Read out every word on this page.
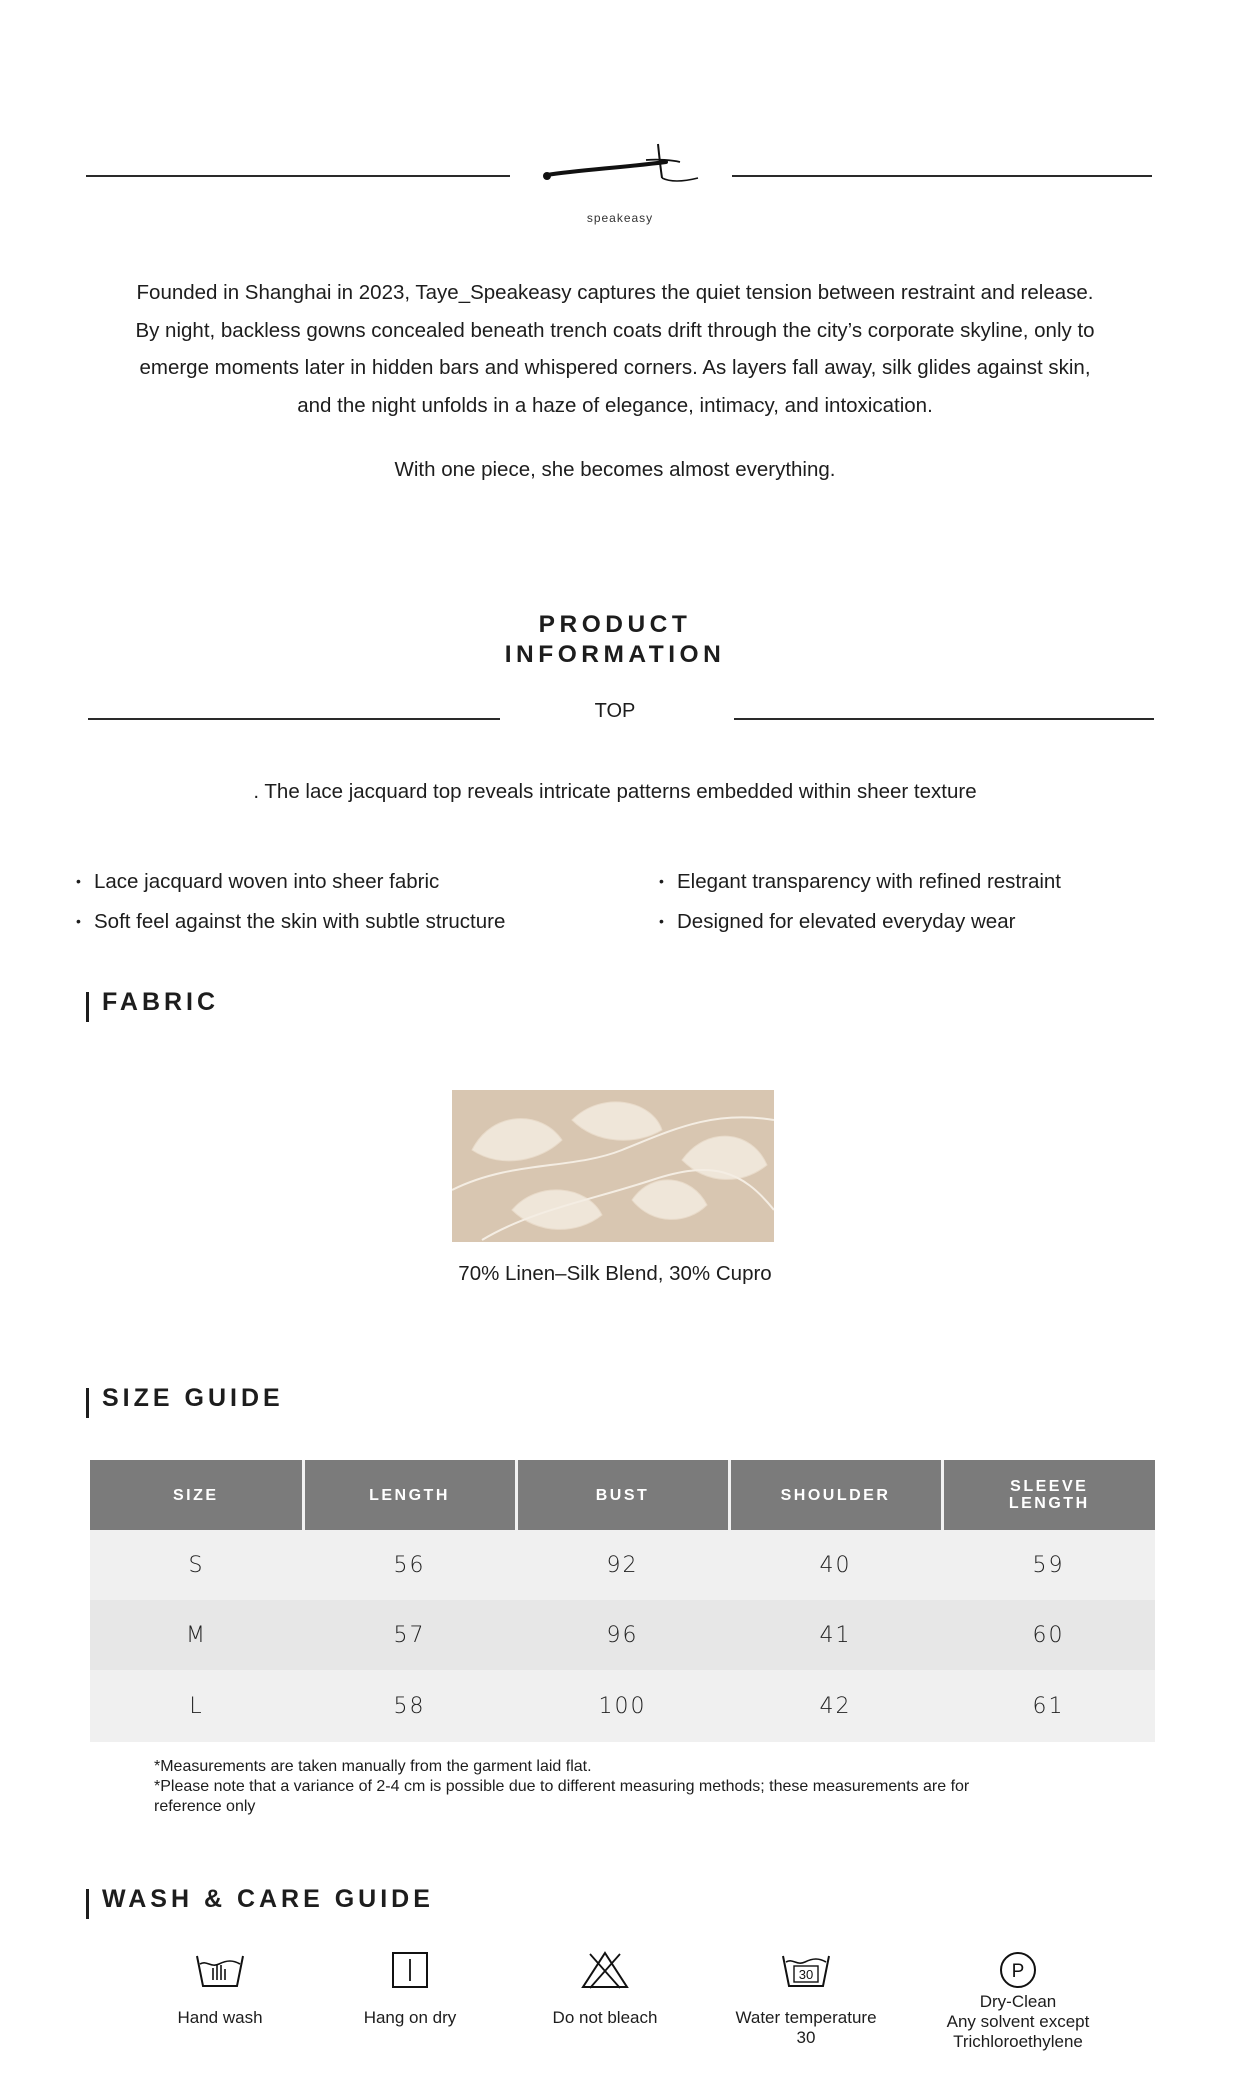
speakeasy
Founded in Shanghai in 2023, Taye_Speakeasy captures the quiet tension between restraint and release.
By night, backless gowns concealed beneath trench coats drift through the city’s corporate skyline, only to
emerge moments later in hidden bars and whispered corners. As layers fall away, silk glides against skin,
and the night unfolds in a haze of elegance, intimacy, and intoxication.
With one piece, she becomes almost everything.
PRODUCT
INFORMATION
TOP
. The lace jacquard top reveals intricate patterns embedded within sheer texture
• Lace jacquard woven into sheer fabric
• Soft feel against the skin with subtle structure
• Elegant transparency with refined restraint
• Designed for elevated everyday wear
FABRIC
70% Linen–Silk Blend, 30% Cupro
SIZE GUIDE
SIZE	LENGTH	BUST	SHOULDER	SLEEVE
LENGTH

S	56	92	40	59
M	57	96	41	60
L	58	100	42	61
*Measurements are taken manually from the garment laid flat.
*Please note that a variance of 2-4 cm is possible due to different measuring methods; these measurements are for reference only
WASH & CARE GUIDE
Hand wash	Hang on dry	Do not bleach
30
Water temperature
30
P
Dry-Clean
Any solvent except
Trichloroethylene
